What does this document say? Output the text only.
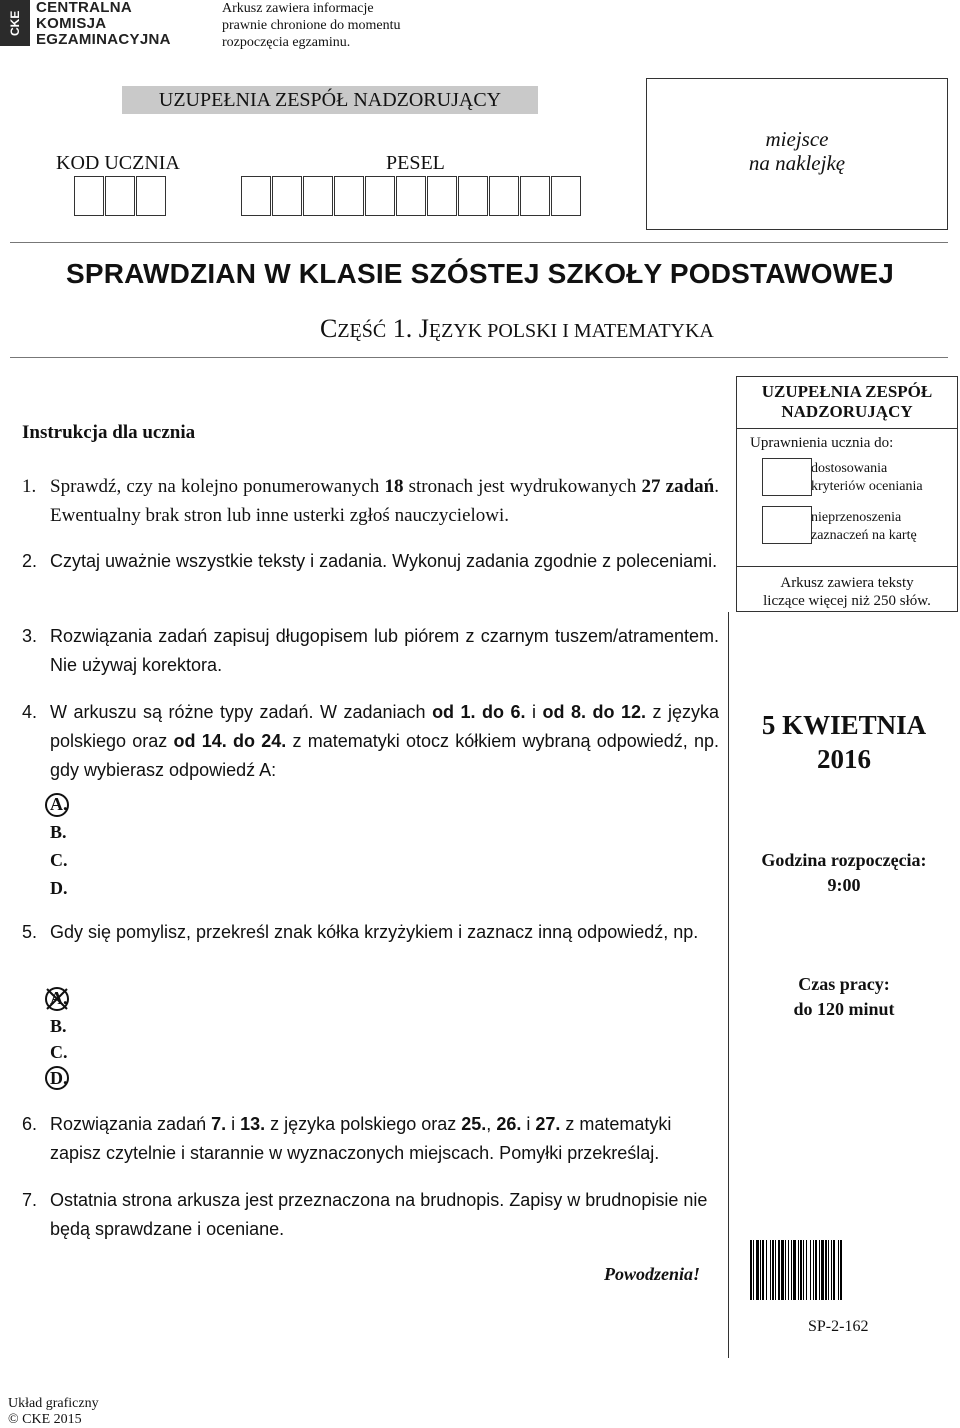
CKE
CENTRALNA
KOMISJA
EGZAMINACYJNA
Arkusz zawiera informacje
prawnie chronione do momentu
rozpoczęcia egzaminu.
UZUPEŁNIA ZESPÓŁ NADZORUJĄCY
KOD UCZNIA	PESEL
miejsce
na naklejkę
SPRAWDZIAN W KLASIE SZÓSTEJ SZKOŁY PODSTAWOWEJ
CZĘŚĆ 1. JĘZYK POLSKI I MATEMATYKA
Instrukcja dla ucznia
1. Sprawdź, czy na kolejno ponumerowanych 18 stronach jest wydrukowanych 27 zadań. Ewentualny brak stron lub inne usterki zgłoś nauczycielowi.
2. Czytaj uważnie wszystkie teksty i zadania. Wykonuj zadania zgodnie z poleceniami.
3. Rozwiązania zadań zapisuj długopisem lub piórem z czarnym tuszem/atramentem. Nie używaj korektora.
4. W arkuszu są różne typy zadań. W zadaniach od 1. do 6. i od 8. do 12. z języka polskiego oraz od 14. do 24. z matematyki otocz kółkiem wybraną odpowiedź, np. gdy wybierasz odpowiedź A:
A.
B.
C.
D.
5. Gdy się pomylisz, przekreśl znak kółka krzyżykiem i zaznacz inną odpowiedź, np.
A.
B.
C.
D.
6. Rozwiązania zadań 7. i 13. z języka polskiego oraz 25., 26. i 27. z matematyki zapisz czytelnie i starannie w wyznaczonych miejscach. Pomyłki przekreślaj.
7. Ostatnia strona arkusza jest przeznaczona na brudnopis. Zapisy w brudnopisie nie będą sprawdzane i oceniane.
Powodzenia!
UZUPEŁNIA ZESPÓŁ
NADZORUJĄCY
Uprawnienia ucznia do:
dostosowania
kryteriów oceniania
nieprzenoszenia
zaznaczeń na kartę
Arkusz zawiera teksty
liczące więcej niż 250 słów.
5 KWIETNIA
2016
Godzina rozpoczęcia:
9:00
Czas pracy:
do 120 minut
SP-2-162
Układ graficzny
© CKE 2015
